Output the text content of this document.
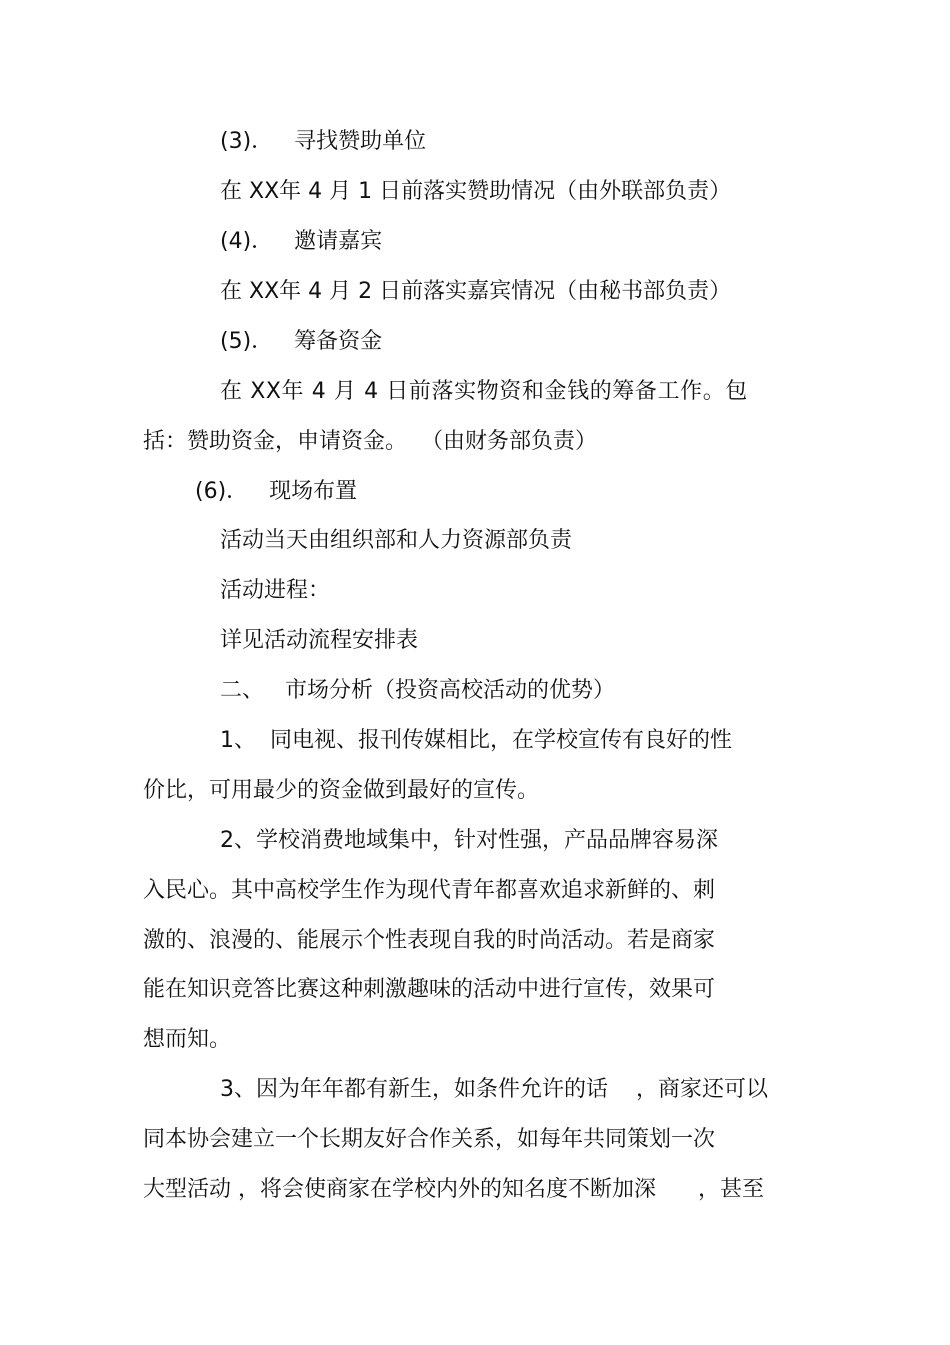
(3)．   寻找赞助单位
在 XX年 4 月 1 日前落实赞助情况（由外联部负责）
(4)．   邀请嘉宾
在 XX年 4 月 2 日前落实嘉宾情况（由秘书部负责）
(5)．   筹备资金
在 XX年 4 月 4 日前落实物资和金钱的筹备工作。包
括：赞助资金，申请资金。  （由财务部负责）
(6)．   现场布置
活动当天由组织部和人力资源部负责
活动进程：
详见活动流程安排表
二、   市场分析（投资高校活动的优势）
1、  同电视、报刊传媒相比，在学校宣传有良好的性
价比，可用最少的资金做到最好的宣传。
2、学校消费地域集中，针对性强，产品品牌容易深
入民心。其中高校学生作为现代青年都喜欢追求新鲜的、刺
激的、浪漫的、能展示个性表现自我的时尚活动。若是商家
能在知识竞答比赛这种刺激趣味的活动中进行宣传，效果可
想而知。
3、因为年年都有新生，如条件允许的话    ，商家还可以
同本协会建立一个长期友好合作关系，如每年共同策划一次
大型活动 ，将会使商家在学校内外的知名度不断加深      ，甚至
